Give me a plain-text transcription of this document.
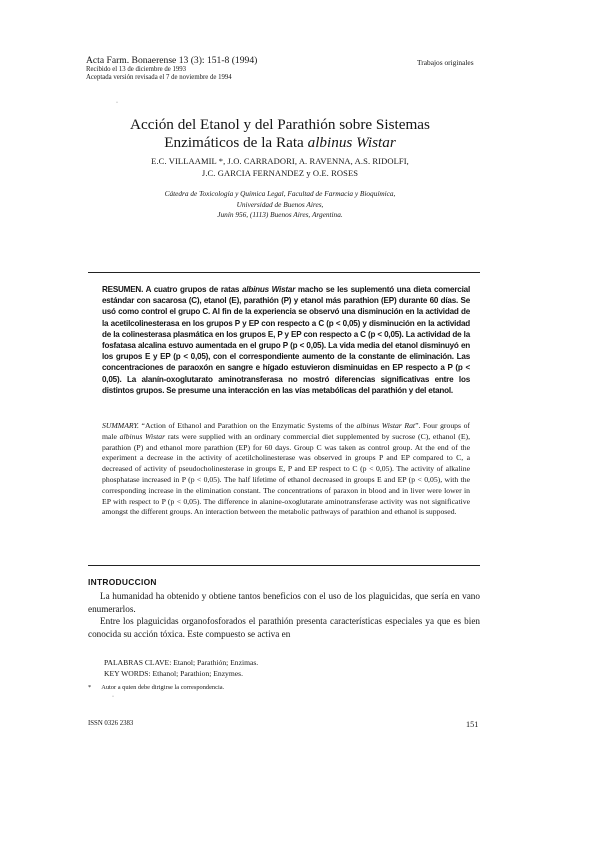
Acta Farm. Bonaerense 13 (3): 151-8 (1994)
Recibido el 13 de diciembre de 1993
Aceptada versión revisada el 7 de noviembre de 1994
Trabajos originales
·
Acción del Etanol y del Parathión sobre Sistemas
Enzimáticos de la Rata albinus Wistar
E.C. VILLAAMIL *, J.O. CARRADORI, A. RAVENNA, A.S. RIDOLFI,
J.C. GARCIA FERNANDEZ y O.E. ROSES
Cátedra de Toxicología y Química Legal, Facultad de Farmacia y Bioquímica,
Universidad de Buenos Aires,
Junín 956, (1113) Buenos Aires, Argentina.
RESUMEN. A cuatro grupos de ratas albinus Wistar macho se les suplementó una dieta comercial estándar con sacarosa (C), etanol (E), parathión (P) y etanol más parathion (EP) durante 60 días. Se usó como control el grupo C. Al fin de la experiencia se observó una disminución en la actividad de la acetilcolinesterasa en los grupos P y EP con respecto a C (p < 0,05) y disminución en la actividad de la colinesterasa plasmática en los grupos E, P y EP con respecto a C (p < 0,05). La actividad de la fosfatasa alcalina estuvo aumentada en el grupo P (p < 0,05). La vida media del etanol disminuyó en los grupos E y EP (p < 0,05), con el correspondiente aumento de la constante de eliminación. Las concentraciones de paraoxón en sangre e hígado estuvieron disminuidas en EP respecto a P (p < 0,05). La alanín-oxoglutarato aminotransferasa no mostró diferencias significativas entre los distintos grupos. Se presume una interacción en las vías metabólicas del parathión y del etanol.
SUMMARY. “Action of Ethanol and Parathion on the Enzymatic Systems of the albinus Wistar Rat”. Four groups of male albinus Wistar rats were supplied with an ordinary commercial diet supplemented by sucrose (C), ethanol (E), parathion (P) and ethanol more parathion (EP) for 60 days. Group C was taken as control group. At the end of the experiment a decrease in the activity of acetilcholinesterase was observed in groups P and EP compared to C, a decreased of activity of pseudocholinesterase in groups E, P and EP respect to C (p < 0,05). The activity of alkaline phosphatase increased in P (p < 0,05). The half lifetime of ethanol decreased in groups E and EP (p < 0,05), with the corresponding increase in the elimination constant. The concentrations of paraxon in blood and in liver were lower in EP with respect to P (p < 0,05). The difference in alanine-oxoglutarate aminotransferase activity was not significative amongst the different groups. An interaction between the metabolic pathways of parathion and ethanol is supposed.
INTRODUCCION

La humanidad ha obtenido y obtiene tantos beneficios con el uso de los plaguicidas, que sería en vano enumerarlos.

Entre los plaguicidas organofosforados el parathión presenta características especiales ya que es bien conocida su acción tóxica. Este compuesto se activa en

PALABRAS CLAVE: Etanol; Parathión; Enzimas.
KEY WORDS: Ethanol; Parathion; Enzymes.
* Autor a quien debe dirigirse la correspondencia.
·
ISSN 0326 2383	151
